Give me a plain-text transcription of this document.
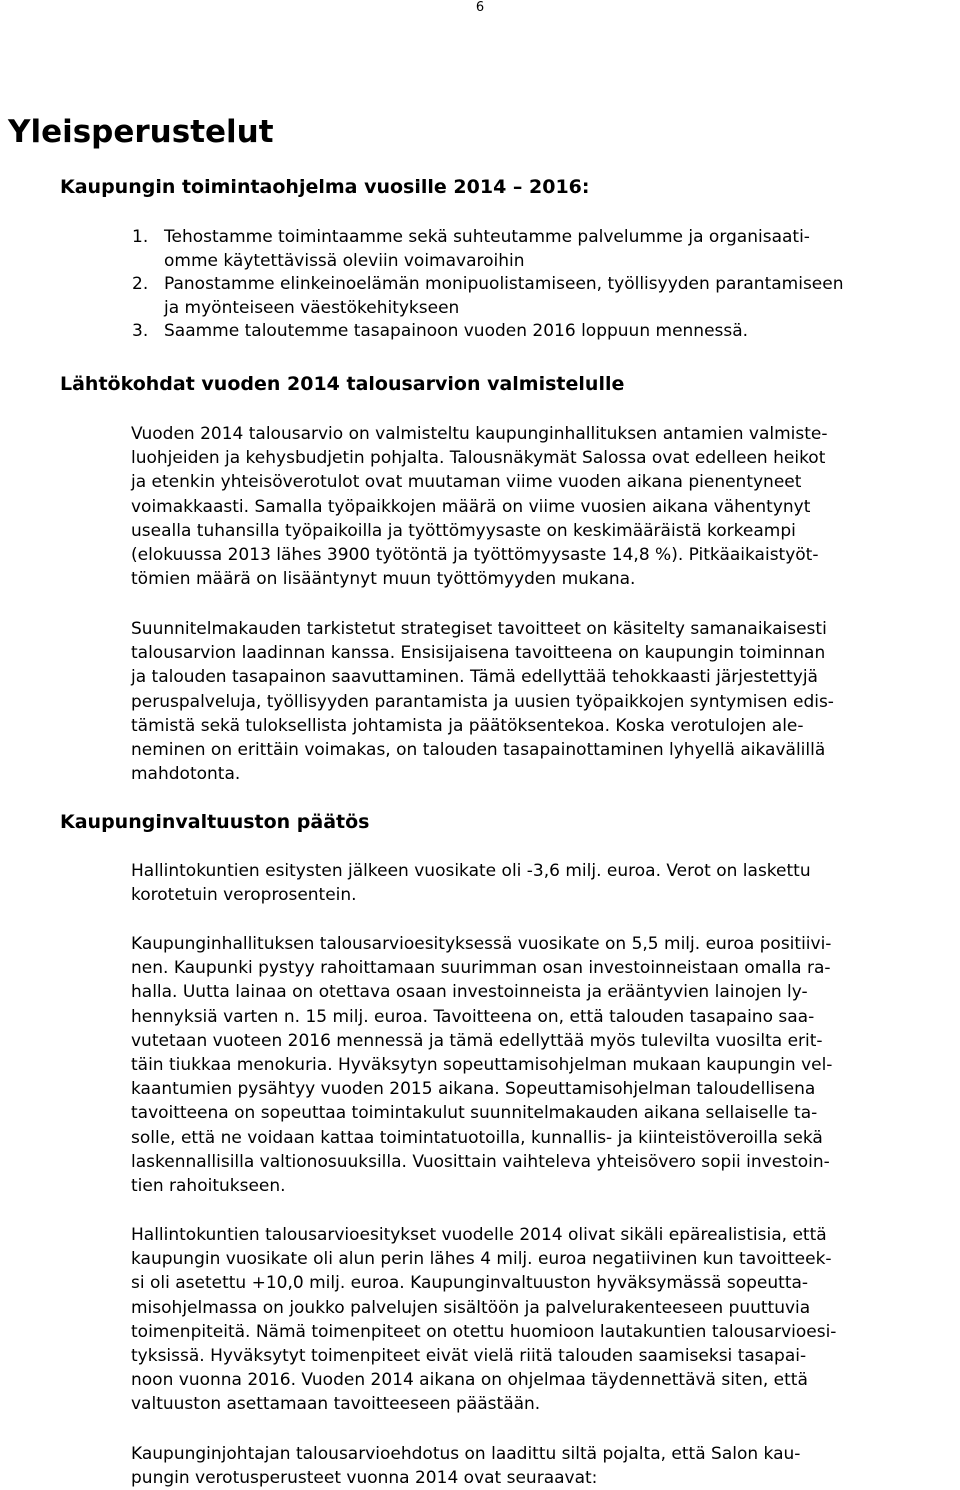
6
Yleisperustelut
Kaupungin toimintaohjelma vuosille 2014 – 2016:
1. Tehostamme toimintaamme sekä suhteutamme palvelumme ja organisaati-
omme käytettävissä oleviin voimavaroihin
2. Panostamme elinkeinoelämän monipuolistamiseen, työllisyyden parantamiseen
ja myönteiseen väestökehitykseen
3. Saamme taloutemme tasapainoon vuoden 2016 loppuun mennessä.
Lähtökohdat vuoden 2014 talousarvion valmistelulle

Vuoden 2014 talousarvio on valmisteltu kaupunginhallituksen antamien valmiste-
luohjeiden ja kehysbudjetin pohjalta. Talousnäkymät Salossa ovat edelleen heikot
ja etenkin yhteisöverotulot ovat muutaman viime vuoden aikana pienentyneet
voimakkaasti. Samalla työpaikkojen määrä on viime vuosien aikana vähentynyt
usealla tuhansilla työpaikoilla ja työttömyysaste on keskimääräistä korkeampi
(elokuussa 2013 lähes 3900 työtöntä ja työttömyysaste 14,8 %). Pitkäaikaistyöt-
tömien määrä on lisääntynyt muun työttömyyden mukana.

Suunnitelmakauden tarkistetut strategiset tavoitteet on käsitelty samanaikaisesti
talousarvion laadinnan kanssa. Ensisijaisena tavoitteena on kaupungin toiminnan
ja talouden tasapainon saavuttaminen. Tämä edellyttää tehokkaasti järjestettyjä
peruspalveluja, työllisyyden parantamista ja uusien työpaikkojen syntymisen edis-
tämistä sekä tuloksellista johtamista ja päätöksentekoa. Koska verotulojen ale-
neminen on erittäin voimakas, on talouden tasapainottaminen lyhyellä aikavälillä
mahdotonta.

Kaupunginvaltuuston päätös

Hallintokuntien esitysten jälkeen vuosikate oli -3,6 milj. euroa. Verot on laskettu
korotetuin veroprosentein.

Kaupunginhallituksen talousarvioesityksessä vuosikate on 5,5 milj. euroa positiivi-
nen. Kaupunki pystyy rahoittamaan suurimman osan investoinneistaan omalla ra-
halla. Uutta lainaa on otettava osaan investoinneista ja erääntyvien lainojen ly-
hennyksiä varten n. 15 milj. euroa. Tavoitteena on, että talouden tasapaino saa-
vutetaan vuoteen 2016 mennessä ja tämä edellyttää myös tulevilta vuosilta erit-
täin tiukkaa menokuria. Hyväksytyn sopeuttamisohjelman mukaan kaupungin vel-
kaantumien pysähtyy vuoden 2015 aikana. Sopeuttamisohjelman taloudellisena
tavoitteena on sopeuttaa toimintakulut suunnitelmakauden aikana sellaiselle ta-
solle, että ne voidaan kattaa toimintatuotoilla, kunnallis- ja kiinteistöveroilla sekä
laskennallisilla valtionosuuksilla. Vuosittain vaihteleva yhteisövero sopii investoin-
tien rahoitukseen.

Hallintokuntien talousarvioesitykset vuodelle 2014 olivat sikäli epärealistisia, että
kaupungin vuosikate oli alun perin lähes 4 milj. euroa negatiivinen kun tavoitteek-
si oli asetettu +10,0 milj. euroa. Kaupunginvaltuuston hyväksymässä sopeutta-
misohjelmassa on joukko palvelujen sisältöön ja palvelurakenteeseen puuttuvia
toimenpiteitä. Nämä toimenpiteet on otettu huomioon lautakuntien talousarvioesi-
tyksissä. Hyväksytyt toimenpiteet eivät vielä riitä talouden saamiseksi tasapai-
noon vuonna 2016. Vuoden 2014 aikana on ohjelmaa täydennettävä siten, että
valtuuston asettamaan tavoitteeseen päästään.

Kaupunginjohtajan talousarvioehdotus on laadittu siltä pojalta, että Salon kau-
pungin verotusperusteet vuonna 2014 ovat seuraavat:
